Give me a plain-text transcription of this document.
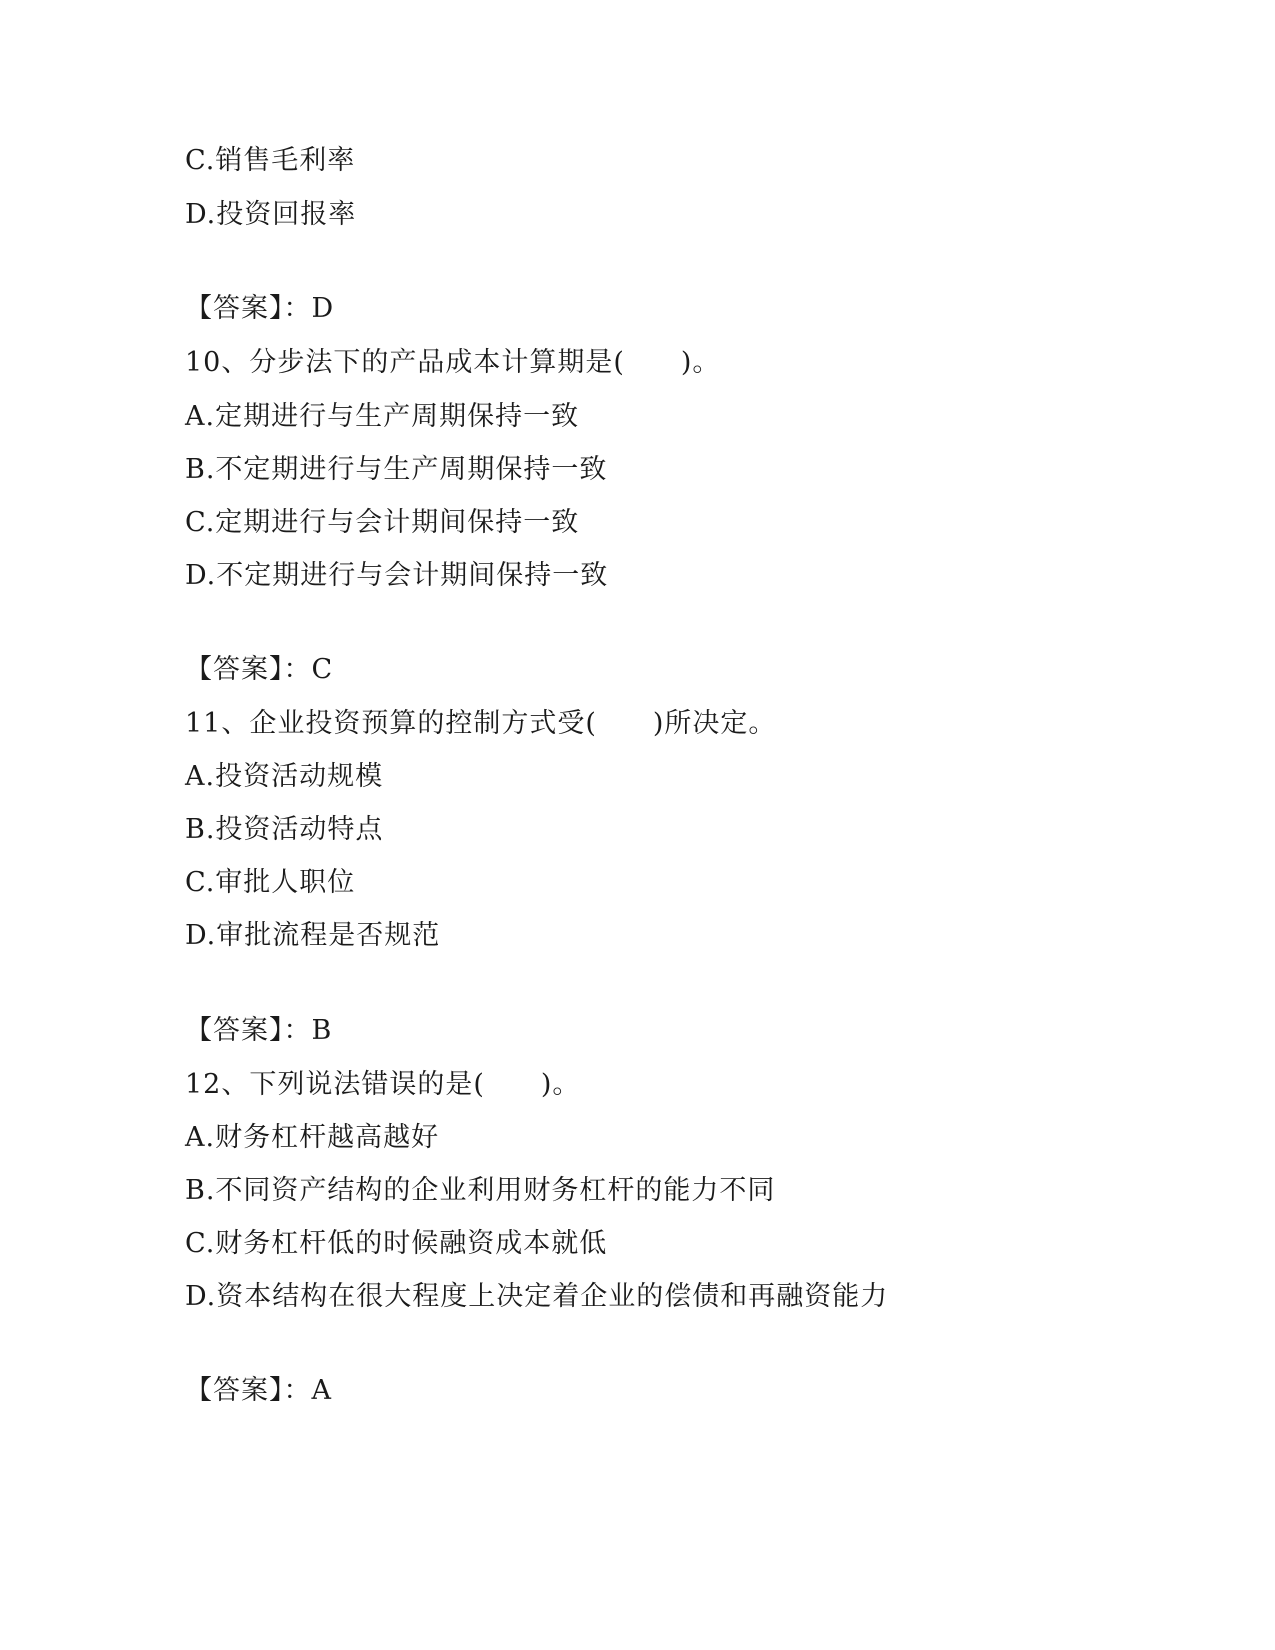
C.销售毛利率
D.投资回报率
【答案】：D
10、分步法下的产品成本计算期是(　　)。
A.定期进行与生产周期保持一致
B.不定期进行与生产周期保持一致
C.定期进行与会计期间保持一致
D.不定期进行与会计期间保持一致
【答案】：C
11、企业投资预算的控制方式受(　　)所决定。
A.投资活动规模
B.投资活动特点
C.审批人职位
D.审批流程是否规范
【答案】：B
12、下列说法错误的是(　　)。
A.财务杠杆越高越好
B.不同资产结构的企业利用财务杠杆的能力不同
C.财务杠杆低的时候融资成本就低
D.资本结构在很大程度上决定着企业的偿债和再融资能力
【答案】：A
